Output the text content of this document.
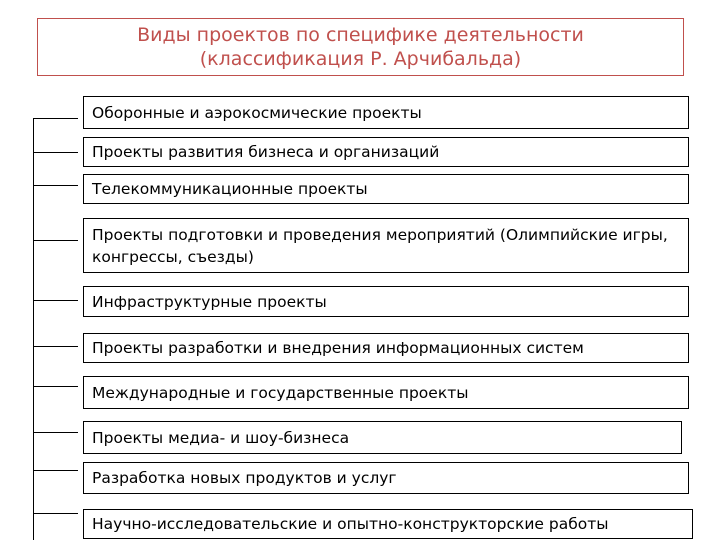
Виды проектов по специфике деятельности
(классификация Р. Арчибальда)
Оборонные и аэрокосмические проекты
Проекты развития бизнеса и организаций
Телекоммуникационные проекты
Проекты подготовки и проведения мероприятий (Олимпийские игры, конгрессы, съезды)
Инфраструктурные проекты
Проекты разработки и внедрения информационных систем
Международные и государственные проекты
Проекты медиа- и шоу-бизнеса
Разработка новых продуктов и услуг
Научно-исследовательские и опытно-конструкторские работы
